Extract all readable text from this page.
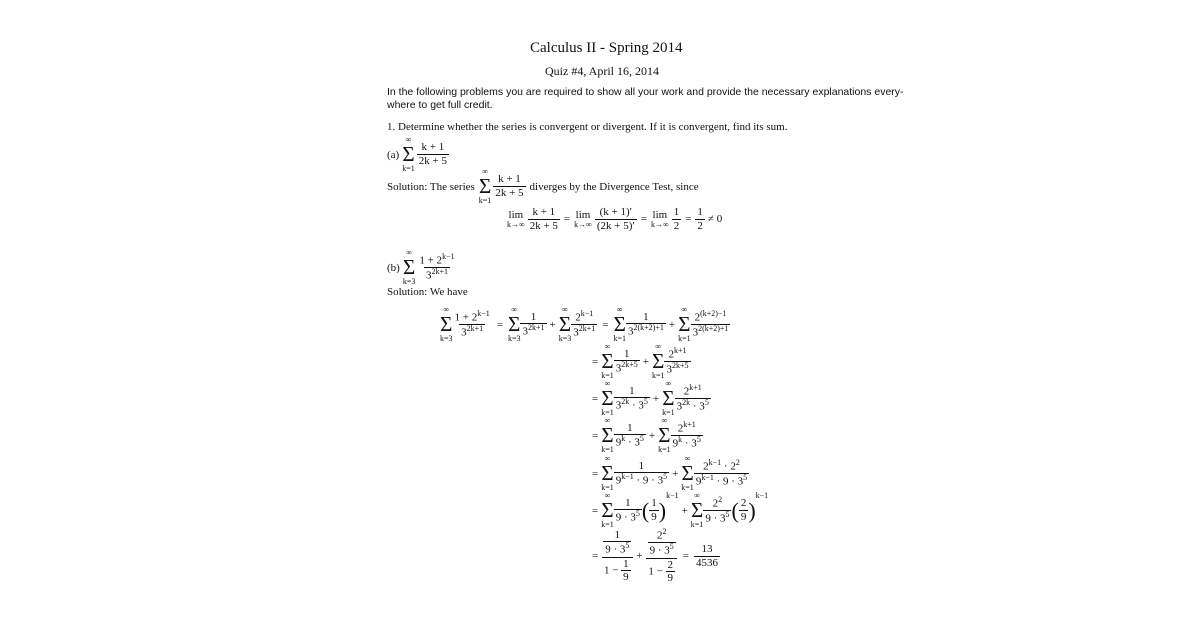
Calculus II - Spring 2014
Quiz #4, April 16, 2014
In the following problems you are required to show all your work and provide the necessary explanations every-
where to get full credit.
1. Determine whether the series is convergent or divergent. If it is convergent, find its sum.
(a)
∞
Σ
k=1
$\frac{k + 1}{2k + 5}$
Solution: The series
∞
Σ
k=1
$\frac{k + 1}{2k + 5}$ diverges by the Divergence Test, since
lim
$k\to\infty \frac{k + 1}{2k + 5} = \lim$
$k\to\infty \frac{(k + 1)'}{(2k + 5)'} = \lim$
$k\to\infty \frac{1}{2} = \frac{1}{2} \ne 0$
(b)
∞
Σ
$k=3 \frac{1 + 2^{k-1}}{3^{2k+1}}$
Solution: We have
∞
Σ
$k=3 \frac{1 + 2^{k-1}}{3^{2k+1}}$ =
∞
Σ
k=3
$\frac{1}{3^{2k+1}}$ +
∞
Σ
$k=3 \frac{2^{k-1}}{3^{2k+1}}$ =
∞
Σ
k=1
$\frac{1}{3^{2(k+2)+1}}$ +
∞
Σ
$k=1 \frac{2^{(k+2)-1}}{3^{2(k+2)+1}}$
=
∞
Σ
k=1
$\frac{1}{3^{2k+5}}$ +
∞
Σ
$k=1 \frac{2^{k+1}}{3^{2k+5}}$
=
∞
Σ
k=1
$\frac{1}{3^{2k} \cdot 3^5}$ +
∞
Σ
$k=1 \frac{2^{k+1}}{3^{2k} \cdot 3^5}$
=
∞
Σ
k=1
$\frac{1}{9^k \cdot 3^5}$ +
∞
Σ
$k=1 \frac{2^{k+1}}{9^k \cdot 3^5}$
=
∞
Σ
k=1
$\frac{1}{9^{k-1} \cdot 9 \cdot 3^5}$ +
∞
Σ
$k=1 \frac{2^{k-1} \cdot 2^2}{9^{k-1} \cdot 9 \cdot 3^5}$
=
∞
Σ
k=1
$\frac{1}{9 \cdot 3^5}$ ( $\frac{1}{9}$ )
$^{k-1}$
+
∞
Σ
$k=1 \frac{2^2}{9 \cdot 3^5}$ ( $\frac{2}{9}$ )
$^{k-1}$
= $\frac{\frac{1}{9 \cdot 3^5}}{1 - \frac{1}{9}} + \frac{\frac{2^2}{9 \cdot 3^5}}{1 - \frac{2}{9}} = \frac{13}{4536}$
